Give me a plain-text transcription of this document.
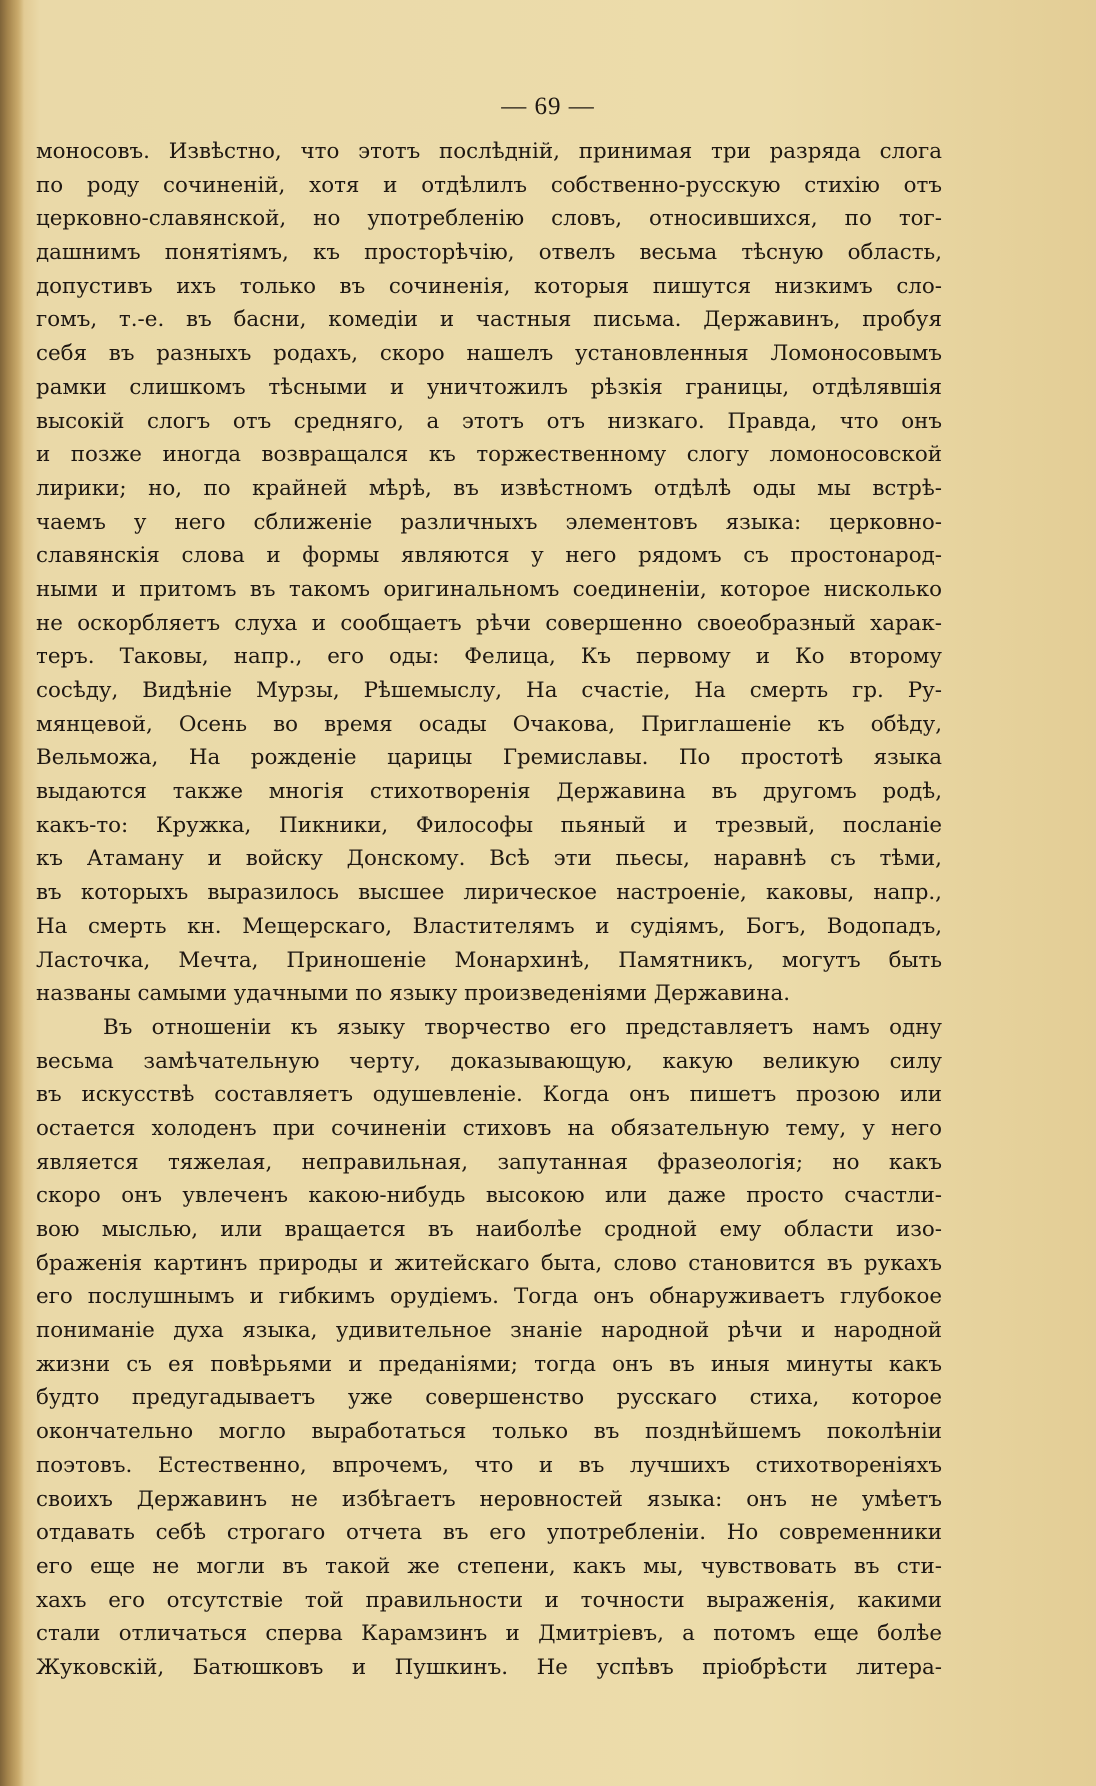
— 69 —
моносовъ. Извѣстно, что этотъ послѣдній, принимая три разряда слога
по роду сочиненій, хотя и отдѣлилъ собственно-русскую стихію отъ
церковно-славянской, но употребленію словъ, относившихся, по тог-
дашнимъ понятіямъ, къ просторѣчію, отвелъ весьма тѣсную область,
допустивъ ихъ только въ сочиненія, которыя пишутся низкимъ сло-
гомъ, т.-е. въ басни, комедіи и частныя письма. Державинъ, пробуя
себя въ разныхъ родахъ, скоро нашелъ установленныя Ломоносовымъ
рамки слишкомъ тѣсными и уничтожилъ рѣзкія границы, отдѣлявшія
высокій слогъ отъ средняго, а этотъ отъ низкаго. Правда, что онъ
и позже иногда возвращался къ торжественному слогу ломоносовской
лирики; но, по крайней мѣрѣ, въ извѣстномъ отдѣлѣ оды мы встрѣ-
чаемъ у него сближеніе различныхъ элементовъ языка: церковно-
славянскія слова и формы являются у него рядомъ съ простонарод-
ными и притомъ въ такомъ оригинальномъ соединеніи, которое нисколько
не оскорбляетъ слуха и сообщаетъ рѣчи совершенно своеобразный харак-
теръ. Таковы, напр., его оды: Фелица, Къ первому и Ко второму
сосѣду, Видѣніе Мурзы, Рѣшемыслу, На счастіе, На смерть гр. Ру-
мянцевой, Осень во время осады Очакова, Приглашеніе къ обѣду,
Вельможа, На рожденіе царицы Гремиславы. По простотѣ языка
выдаются также многія стихотворенія Державина въ другомъ родѣ,
какъ-то: Кружка, Пикники, Философы пьяный и трезвый, посланіе
къ Атаману и войску Донскому. Всѣ эти пьесы, наравнѣ съ тѣми,
въ которыхъ выразилось высшее лирическое настроеніе, каковы, напр.,
На смерть кн. Мещерскаго, Властителямъ и судіямъ, Богъ, Водопадъ,
Ласточка, Мечта, Приношеніе Монархинѣ, Памятникъ, могутъ быть
названы самыми удачными по языку произведеніями Державина.
Въ отношеніи къ языку творчество его представляетъ намъ одну
весьма замѣчательную черту, доказывающую, какую великую силу
въ искусствѣ составляетъ одушевленіе. Когда онъ пишетъ прозою или
остается холоденъ при сочиненіи стиховъ на обязательную тему, у него
является тяжелая, неправильная, запутанная фразеологія; но какъ
скоро онъ увлеченъ какою-нибудь высокою или даже просто счастли-
вою мыслью, или вращается въ наиболѣе сродной ему области изо-
браженія картинъ природы и житейскаго быта, слово становится въ рукахъ
его послушнымъ и гибкимъ орудіемъ. Тогда онъ обнаруживаетъ глубокое
пониманіе духа языка, удивительное знаніе народной рѣчи и народной
жизни съ ея повѣрьями и преданіями; тогда онъ въ иныя минуты какъ
будто предугадываетъ уже совершенство русскаго стиха, которое
окончательно могло выработаться только въ позднѣйшемъ поколѣніи
поэтовъ. Естественно, впрочемъ, что и въ лучшихъ стихотвореніяхъ
своихъ Державинъ не избѣгаетъ неровностей языка: онъ не умѣетъ
отдавать себѣ строгаго отчета въ его употребленіи. Но современники
его еще не могли въ такой же степени, какъ мы, чувствовать въ сти-
хахъ его отсутствіе той правильности и точности выраженія, какими
стали отличаться сперва Карамзинъ и Дмитріевъ, а потомъ еще болѣе
Жуковскій, Батюшковъ и Пушкинъ. Не успѣвъ пріобрѣсти литера-
